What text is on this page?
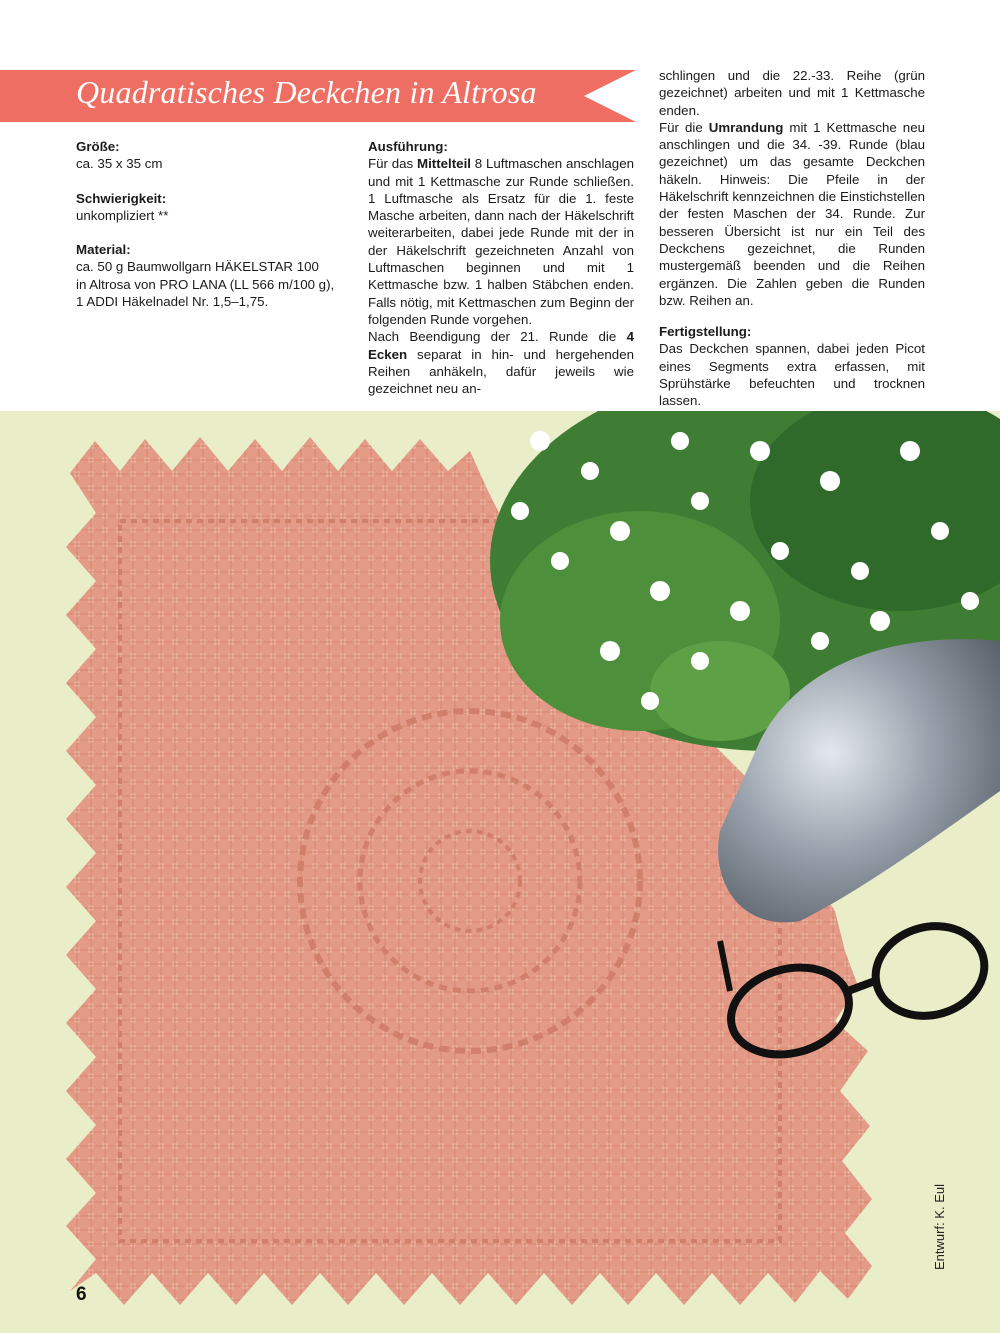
Quadratisches Deckchen in Altrosa

Größe:

ca. 35 x 35 cm

Schwierigkeit:

unkompliziert **

Material:

ca. 50 g Baumwollgarn HÄKELSTAR 100

in Altrosa von PRO LANA (LL 566 m/100 g),

1 ADDI Häkelnadel Nr. 1,5–1,75.

Ausführung:

Für das Mittelteil 8 Luftmaschen anschlagen und mit 1 Kettmasche zur Runde schließen. 1 Luftmasche als Ersatz für die 1. feste Masche arbeiten, dann nach der Häkelschrift weiterarbeiten, dabei jede Runde mit der in der Häkelschrift gezeichneten Anzahl von Luftmaschen beginnen und mit 1 Kettmasche bzw. 1 halben Stäbchen enden. Falls nötig, mit Kettmaschen zum Beginn der folgenden Runde vorgehen.

Nach Beendigung der 21. Runde die 4 Ecken separat in hin- und hergehenden Reihen anhäkeln, dafür jeweils wie gezeichnet neu an-

schlingen und die 22.-33. Reihe (grün gezeichnet) arbeiten und mit 1 Kettmasche enden.

Für die Umrandung mit 1 Kettmasche neu anschlingen und die 34. -39. Runde (blau gezeichnet) um das gesamte Deckchen häkeln. Hinweis: Die Pfeile in der Häkelschrift kennzeichnen die Einstichstellen der festen Maschen der 34. Runde. Zur besseren Übersicht ist nur ein Teil des Deckchens gezeichnet, die Runden mustergemäß beenden und die Reihen ergänzen. Die Zahlen geben die Runden bzw. Reihen an.

Fertigstellung:

Das Deckchen spannen, dabei jeden Picot eines Segments extra erfassen, mit Sprühstärke befeuchten und trocknen lassen.

Entwurf: K. Eul
6
